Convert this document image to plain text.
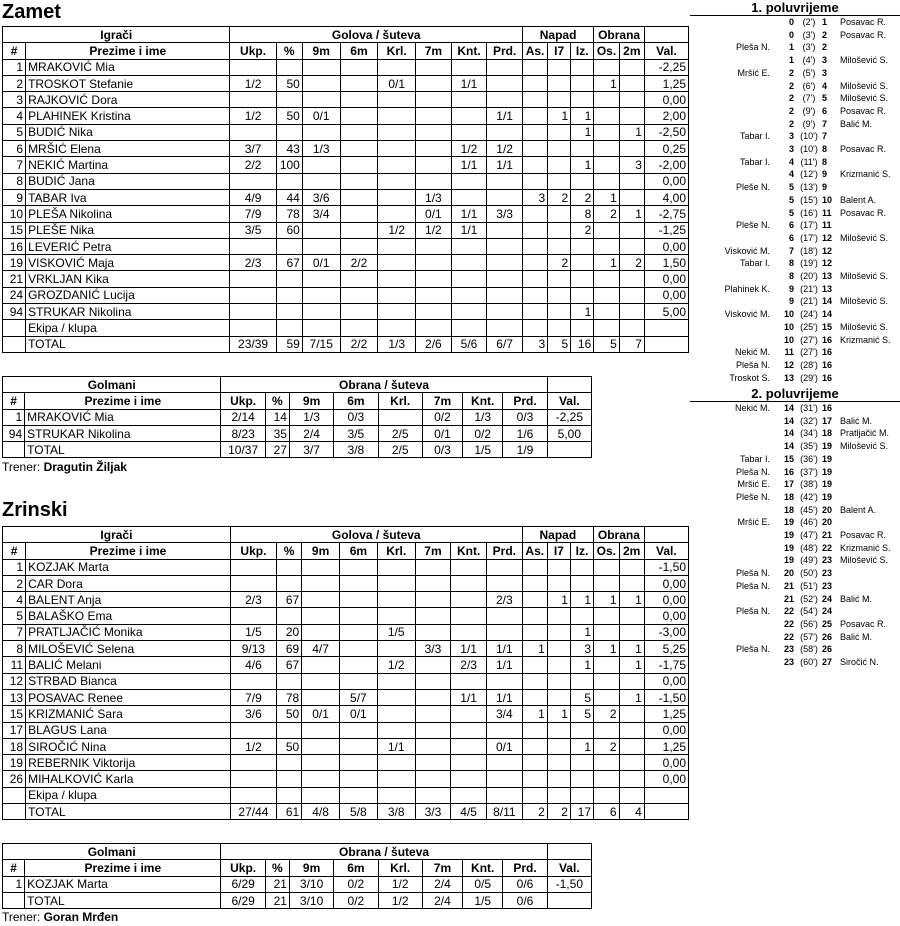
Zamet
Igrači		Golova / šuteva								Napad			Obrana		
#	Prezime i ime	Ukp.	%	9m	6m	Krl.	7m	Knt.	Prd.	As.	I7	Iz.	Os.	2m	Val.
1	MRAKOVIĆ Mia														-2,25
2	TROSKOT Stefanie	1/2	50			0/1		1/1					1		1,25
3	RAJKOVIĆ Dora														0,00
4	PLAHINEK Kristina	1/2	50	0/1					1/1		1	1			2,00
5	BUDIĆ Nika											1		1	-2,50
6	MRŠIĆ Elena	3/7	43	1/3				1/2	1/2						0,25
7	NEKIĆ Martina	2/2	100					1/1	1/1			1		3	-2,00
8	BUDIĆ Jana														0,00
9	TABAR Iva	4/9	44	3/6			1/3			3	2	2	1		4,00
10	PLEŠA Nikolina	7/9	78	3/4			0/1	1/1	3/3			8	2	1	-2,75
15	PLEŠE Nika	3/5	60			1/2	1/2	1/1				2			-1,25
16	LEVERIĆ Petra														0,00
19	VISKOVIĆ Maja	2/3	67	0/1	2/2						2		1	2	1,50
21	VRKLJAN Kika														0,00
24	GROZDANIĆ Lucija														0,00
94	STRUKAR Nikolina											1			5,00
	Ekipa / klupa														
	TOTAL	23/39	59	7/15	2/2	1/3	2/6	5/6	6/7	3	5	16	5	7	
Golmani		Obrana / šuteva								
#	Prezime i ime	Ukp.	%	9m	6m	Krl.	7m	Knt.	Prd.	Val.
1	MRAKOVIĆ Mia	2/14	14	1/3	0/3		0/2	1/3	0/3	-2,25
94	STRUKAR Nikolina	8/23	35	2/4	3/5	2/5	0/1	0/2	1/6	5,00
	TOTAL	10/37	27	3/7	3/8	2/5	0/3	1/5	1/9	
Trener: Dragutin Žiljak
Zrinski
Igrači		Golova / šuteva								Napad			Obrana		
#	Prezime i ime	Ukp.	%	9m	6m	Krl.	7m	Knt.	Prd.	As.	I7	Iz.	Os.	2m	Val.
1	KOZJAK Marta														-1,50
2	CAR Dora														0,00
4	BALENT Anja	2/3	67						2/3		1	1	1	1	0,00
5	BALAŠKO Ema														0,00
7	PRATLJAČIĆ Monika	1/5	20			1/5						1			-3,00
8	MILOŠEVIĆ Selena	9/13	69	4/7			3/3	1/1	1/1	1		3	1	1	5,25
11	BALIĆ Melani	4/6	67			1/2		2/3	1/1			1		1	-1,75
12	STRBAD Bianca														0,00
13	POSAVAC Renee	7/9	78		5/7			1/1	1/1			5		1	-1,50
15	KRIZMANIĆ Sara	3/6	50	0/1	0/1				3/4	1	1	5	2		1,25
17	BLAGUS Lana														0,00
18	SIROČIĆ Nina	1/2	50			1/1			0/1			1	2		1,25
19	REBERNIK Viktorija														0,00
26	MIHALKOVIĆ Karla														0,00
	Ekipa / klupa														
	TOTAL	27/44	61	4/8	5/8	3/8	3/3	4/5	8/11	2	2	17	6	4	
Golmani		Obrana / šuteva								
#	Prezime i ime	Ukp.	%	9m	6m	Krl.	7m	Knt.	Prd.	Val.
1	KOZJAK Marta	6/29	21	3/10	0/2	1/2	2/4	0/5	0/6	-1,50
	TOTAL	6/29	21	3/10	0/2	1/2	2/4	1/5	0/6	
Trener: Goran Mrđen
1. poluvrijeme
0 (2') 1	Posavac R.
0 (3') 2	Posavac R.
Pleša N.	1 (3') 2
1 (4') 3	Milošević S.
Mršić E.	2 (5') 3
2 (6') 4	Milošević S.
2 (7') 5	Milošević S.
2 (9') 6	Posavac R.
2 (9') 7	Balić M.
Tabar I.	3 (10') 7
3 (10') 8	Posavac R.
Tabar I.	4 (11') 8
4 (12') 9	Krizmanić S.
Pleše N.	5 (13') 9
5 (15') 10 Balent A.
5 (16') 11 Posavac R.
Pleše N.	6 (17') 11
6 (17') 12 Milošević S.
Visković M.	7 (18') 12
Tabar I.	8 (19') 12
8 (20') 13 Milošević S.
Plahinek K.	9 (21') 13
9 (21') 14 Milošević S.
Visković M. 10 (24') 14
10 (25') 15 Milošević S.
10 (27') 16 Krizmanić S.
Nekić M. 11 (27') 16
Pleša N. 12 (28') 16
Troskot S. 13 (29') 16
2. poluvrijeme
Nekić M. 14 (31') 16
14 (32') 17 Balić M.
14 (34') 18 Pratljačić M.
14 (35') 19 Milošević S.
Tabar I. 15 (36') 19
Pleša N. 16 (37') 19
Mršić E. 17 (38') 19
Pleše N. 18 (42') 19
18 (45') 20 Balent A.
Mršić E. 19 (46') 20
19 (47') 21 Posavac R.
19 (48') 22 Krizmanić S.
19 (49') 23 Milošević S.
Pleša N. 20 (50') 23
Pleša N. 21 (51') 23
21 (52') 24 Balić M.
Pleša N. 22 (54') 24
22 (56') 25 Posavac R.
22 (57') 26 Balić M.
Pleša N. 23 (58') 26
23 (60') 27 Siročić N.
